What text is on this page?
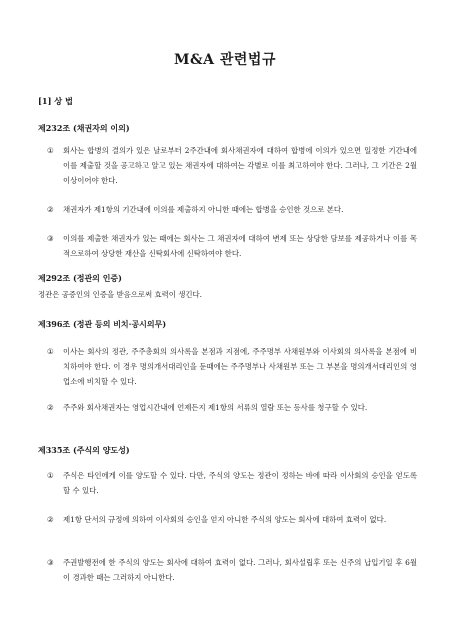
M&A 관련법규
[1] 상 법
제232조 (채권자의 이의)
①	회사는 합병의 결의가 있은 날로부터 2주간내에 회사채권자에 대하여 합병에 이의가 있으면 일정한 기간내에 이를 제출할 것을 공고하고 알고 있는 채권자에 대하여는 각별로 이를 최고하여야 한다. 그러나, 그 기간은 2월 이상이어야 한다.
②	채권자가 제1항의 기간내에 이의를 제출하지 아니한 때에는 합병을 승인한 것으로 본다.
③	이의를 제출한 채권자가 있는 때에는 회사는 그 채권자에 대하여 변제 또는 상당한 담보를 제공하거나 이를 목적으로하여 상당한 재산을 신탁회사에 신탁하여야 한다.
제292조 (정관의 인증)
정관은 공증인의 인증을 받음으로써 효력이 생긴다.
제396조 (정관 등의 비치·공시의무)
①	이사는 회사의 정관, 주주총회의 의사록을 본점과 지점에, 주주명부 사채원부와 이사회의 의사록을 본점에 비치하여야 한다. 이 경우 명의개서대리인을 둔때에는 주주명부나 사채원부 또는 그 부본을 명의개서대리인의 영업소에 비치할 수 있다.
②	주주와 회사채권자는 영업시간내에 언제든지 제1항의 서류의 열람 또는 등사를 청구할 수 있다.
제335조 (주식의 양도성)
①	주식은 타인에게 이를 양도할 수 있다. 다만, 주식의 양도는 정관이 정하는 바에 따라 이사회의 승인을 얻도록 할 수 있다.
②	제1항 단서의 규정에 의하여 이사회의 승인을 얻지 아니한 주식의 양도는 회사에 대하여 효력이 없다.
③	주권발행전에 한 주식의 양도는 회사에 대하여 효력이 없다. 그러나, 회사설립후 또는 신주의 납입기일 후 6월이 경과한 때는 그러하지 아니한다.
